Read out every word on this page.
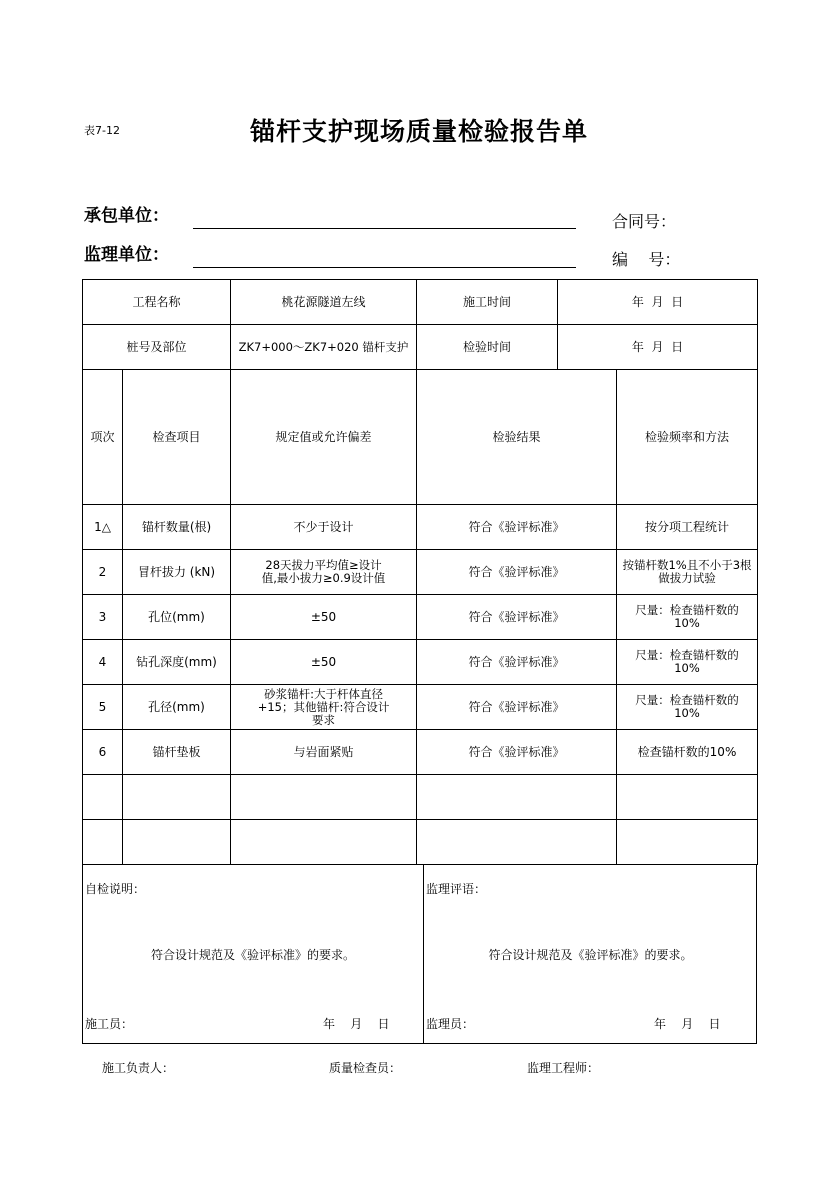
表7-12	锚杆支护现场质量检验报告单
承包单位：
监理单位：
合同号：
编    号：
工程名称		桃花源隧道左线	施工时间	年  月  日	
桩号及部位		ZK7+000～ZK7+020 锚杆支护	检验时间	年  月  日	
项次	检查项目	规定值或允许偏差	检验结果		检验频率和方法
1△	锚杆数量(根)	不少于设计	符合《验评标准》		按分项工程统计
2	冒杆拔力 (kN)	28天拔力平均值≥设计值,最小拔力≥0.9设计值	符合《验评标准》		按锚杆数1%且不小于3根做拔力试验
3	孔位(mm)	±50	符合《验评标准》		尺量：检查锚杆数的10%
4	钻孔深度(mm)	±50	符合《验评标准》		尺量：检查锚杆数的10%
5	孔径(mm)	砂浆锚杆:大于杆体直径+15；其他锚杆:符合设计要求	符合《验评标准》		尺量：检查锚杆数的10%
6	锚杆垫板	与岩面紧贴	符合《验评标准》		检查锚杆数的10%

自检说明：
符合设计规范及《验评标准》的要求。
施工员：	年    月    日
监理评语：
符合设计规范及《验评标准》的要求。
监理员：	年    月    日
施工负责人：	质量检查员：	监理工程师：
